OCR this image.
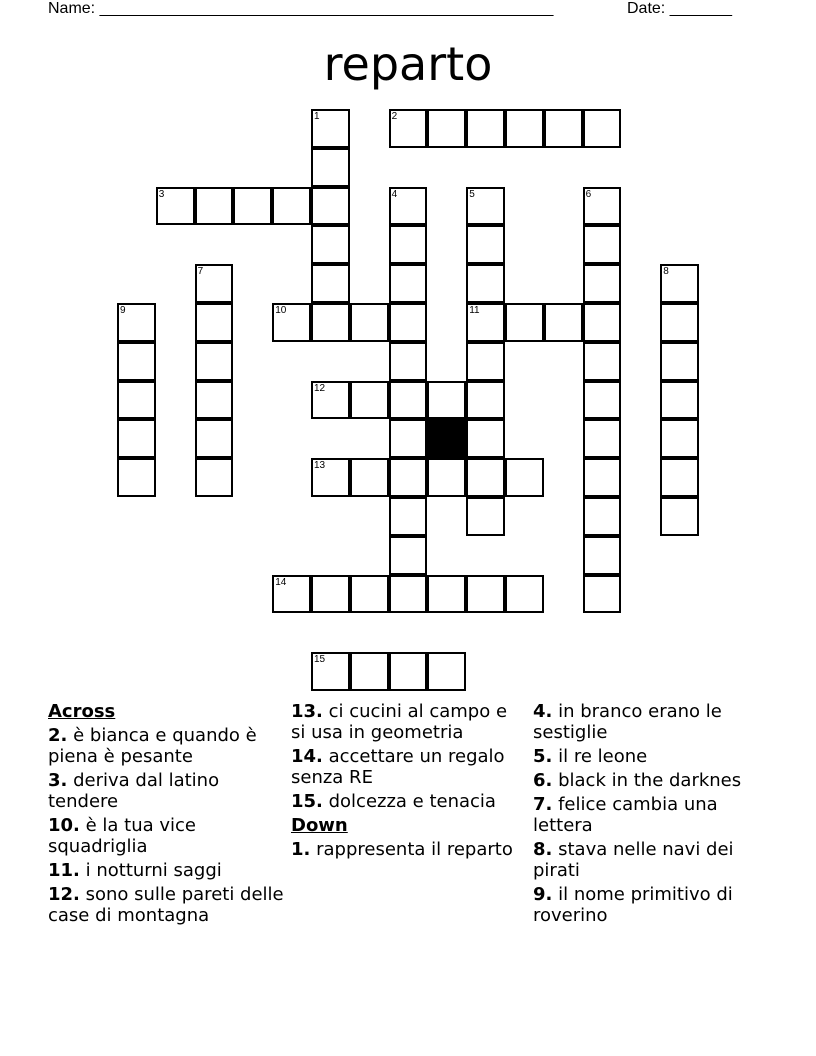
Name: ___________________________________________________	Date: _______
reparto
1	2
3	4	5	6
7	8
9	10	11
12
13
14
15
Across
2. è bianca e quando è piena è pesante
3. deriva dal latino tendere
10. è la tua vice squadriglia
11. i notturni saggi
12. sono sulle pareti delle case di montagna
13. ci cucini al campo e si usa in geometria
14. accettare un regalo senza RE
15. dolcezza e tenacia
Down
1. rappresenta il reparto
4. in branco erano le sestiglie
5. il re leone
6. black in the darknes
7. felice cambia una lettera
8. stava nelle navi dei pirati
9. il nome primitivo di roverino
